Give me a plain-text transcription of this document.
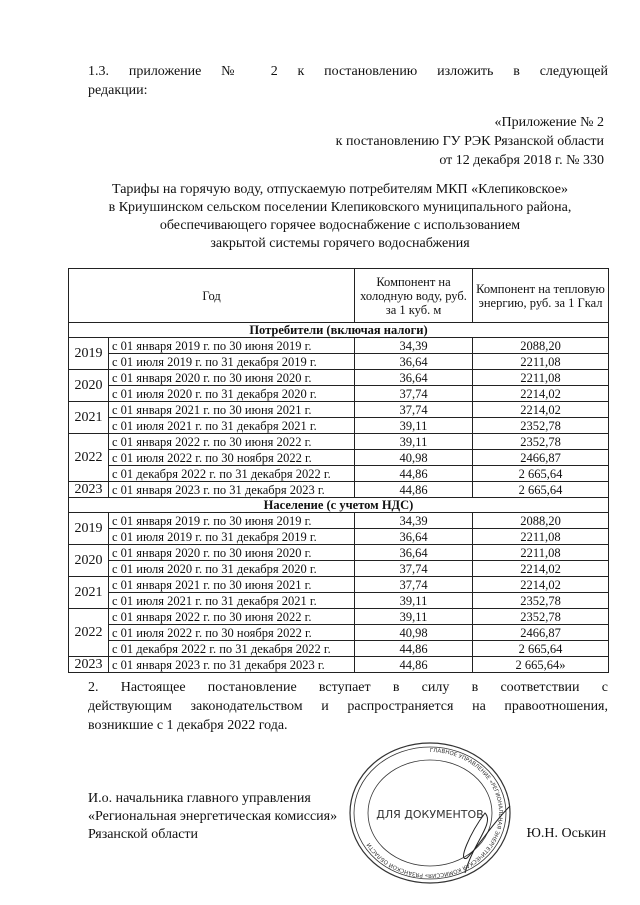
1.3. приложение № 2 к постановлению изложить в следующей
редакции:
«Приложение № 2
к постановлению ГУ РЭК Рязанской области
от 12 декабря 2018 г. № 330
Тарифы на горячую воду, отпускаемую потребителям МКП «Клепиковское»
в Криушинском сельском поселении Клепиковского муниципального района,
обеспечивающего горячее водоснабжение с использованием
закрытой системы горячего водоснабжения
Год		Компонент на холодную воду, руб. за 1 куб. м	Компонент на тепловую энергию, руб. за 1 Гкал
Потребители (включая налоги)			
2019	с 01 января 2019 г. по 30 июня 2019 г.	34,39	2088,20
	с 01 июля 2019 г. по 31 декабря 2019 г.	36,64	2211,08
2020	с 01 января 2020 г. по 30 июня 2020 г.	36,64	2211,08
	с 01 июля 2020 г. по 31 декабря 2020 г.	37,74	2214,02
2021	с 01 января 2021 г. по 30 июня 2021 г.	37,74	2214,02
	с 01 июля 2021 г. по 31 декабря 2021 г.	39,11	2352,78
2022	с 01 января 2022 г. по 30 июня 2022 г.	39,11	2352,78
	с 01 июля 2022 г. по 30 ноября 2022 г.	40,98	2466,87
	с 01 декабря 2022 г. по 31 декабря 2022 г.	44,86	2 665,64
2023	с 01 января 2023 г. по 31 декабря 2023 г.	44,86	2 665,64
Население (с учетом НДС)			
2019	с 01 января 2019 г. по 30 июня 2019 г.	34,39	2088,20
	с 01 июля 2019 г. по 31 декабря 2019 г.	36,64	2211,08
2020	с 01 января 2020 г. по 30 июня 2020 г.	36,64	2211,08
	с 01 июля 2020 г. по 31 декабря 2020 г.	37,74	2214,02
2021	с 01 января 2021 г. по 30 июня 2021 г.	37,74	2214,02
	с 01 июля 2021 г. по 31 декабря 2021 г.	39,11	2352,78
2022	с 01 января 2022 г. по 30 июня 2022 г.	39,11	2352,78
	с 01 июля 2022 г. по 30 ноября 2022 г.	40,98	2466,87
	с 01 декабря 2022 г. по 31 декабря 2022 г.	44,86	2 665,64
2023	с 01 января 2023 г. по 31 декабря 2023 г.	44,86	2 665,64»
2. Настоящее постановление вступает в силу в соответствии с
действующим законодательством и распространяется на правоотношения,
возникшие с 1 декабря 2022 года.
И.о. начальника главного управления
«Региональная энергетическая комиссия»
Рязанской области
ГЛАВНОЕ УПРАВЛЕНИЕ «РЕГИОНАЛЬНАЯ ЭНЕРГЕТИЧЕСКАЯ КОМИССИЯ» РЯЗАНСКОЙ ОБЛАСТИ
ДЛЯ ДОКУМЕНТОВ
Ю.Н. Оськин
